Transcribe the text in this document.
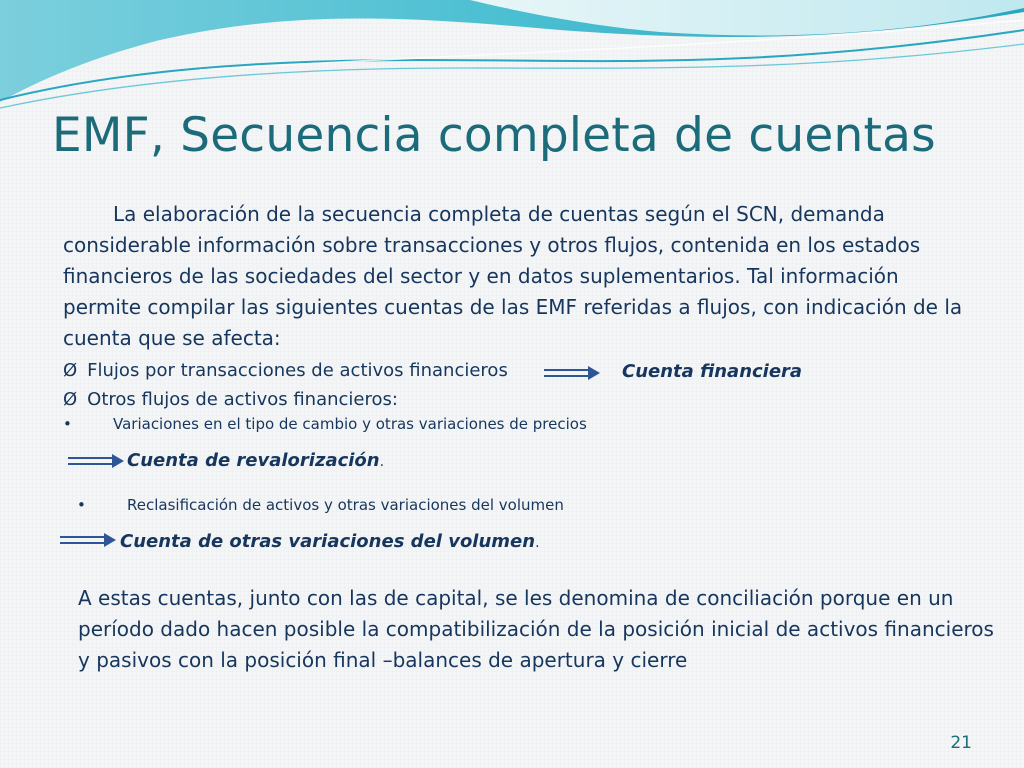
EMF, Secuencia completa de cuentas

La elaboración de la secuencia completa de cuentas según el SCN, demanda considerable información sobre transacciones y otros flujos, contenida en los estados financieros de las sociedades del sector y en datos suplementarios. Tal información permite compilar las siguientes cuentas de las EMF referidas a flujos, con indicación de la cuenta que se afecta:

Ø Flujos por transacciones de activos financieros	Cuenta financiera
Ø Otros flujos de activos financieros:
•	Variaciones en el tipo de cambio y otras variaciones de precios
Cuenta de revalorización.
•	Reclasificación de activos y otras variaciones del volumen
Cuenta de otras variaciones del volumen.

A estas cuentas, junto con las de capital, se les denomina de conciliación porque en un período dado hacen posible la compatibilización de la posición inicial de activos financieros y pasivos con la posición final –balances de apertura y cierre

21
